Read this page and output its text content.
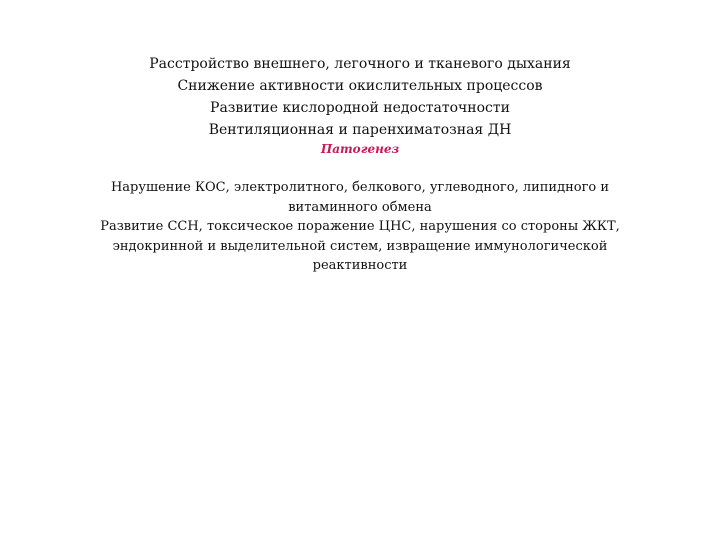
Расстройство внешнего, легочного и тканевого дыхания
Снижение активности окислительных процессов
Развитие кислородной недостаточности
Вентиляционная и паренхиматозная ДН
Патогенез

Нарушение КОС, электролитного, белкового, углеводного, липидного и витаминного обмена

Развитие ССН, токсическое поражение ЦНС, нарушения со стороны ЖКТ, эндокринной и выделительной систем, извращение иммунологической реактивности
